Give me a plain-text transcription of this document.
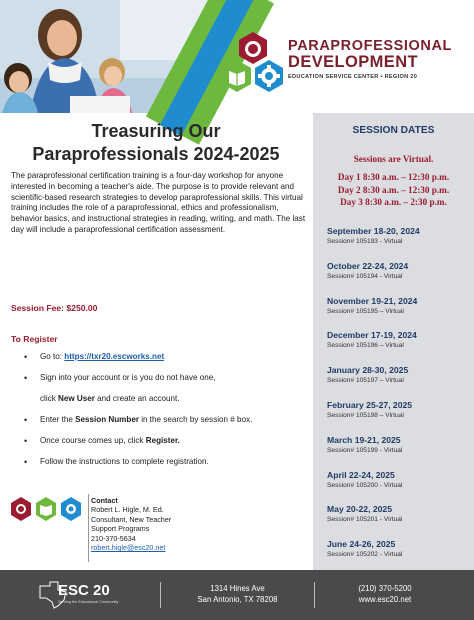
PARAPROFESSIONAL
DEVELOPMENT
EDUCATION SERVICE CENTER • REGION 20
Treasuring Our
Paraprofessionals 2024-2025
The paraprofessional certification training is a four-day workshop for anyone interested in becoming a teacher's aide. The purpose is to provide relevant and scientific-based research strategies to develop paraprofessional skills. This virtual training includes the role of a paraprofessional, ethics and professionalism, behavior basics, and instructional strategies in reading, writing, and math. The last day will include a paraprofessional certification assessment.
Session Fee: $250.00
To Register
• Go to: https://txr20.escworks.net
• Sign into your account or is you do not have one,
click New User and create an account.
• Enter the Session Number in the search by session # box.
• Once course comes up, click Register.
• Follow the instructions to complete registration.
Contact
Robert L. Higle, M. Ed.
Consultant, New Teacher
Support Programs
210-370-5634
robert.higle@esc20.net
SESSION DATES
Sessions are Virtual.
Day 1 8:30 a.m. – 12:30 p.m.
Day 2 8:30 a.m. – 12:30 p.m.
Day 3 8:30 a.m. – 2:30 p.m.
September 18-20, 2024
Session# 105193 - Virtual
October 22-24, 2024
Session# 105194 - Virtual
November 19-21, 2024
Session# 105195 – Virtual
December 17-19, 2024
Session# 105196 – Virtual
January 28-30, 2025
Session# 105197 – Virtual
February 25-27, 2025
Session# 105198 – Virtual
March 19-21, 2025
Session# 105199 - Virtual
April 22-24, 2025
Session# 105200 - Virtual
May 20-22, 2025
Session# 105201 - Virtual
June 24-26, 2025
Session# 105202 - Virtual
ESC 20
Serving the Educational Community
1314 Hines Ave
San Antonio, TX 78208
(210) 370-5200
www.esc20.net
